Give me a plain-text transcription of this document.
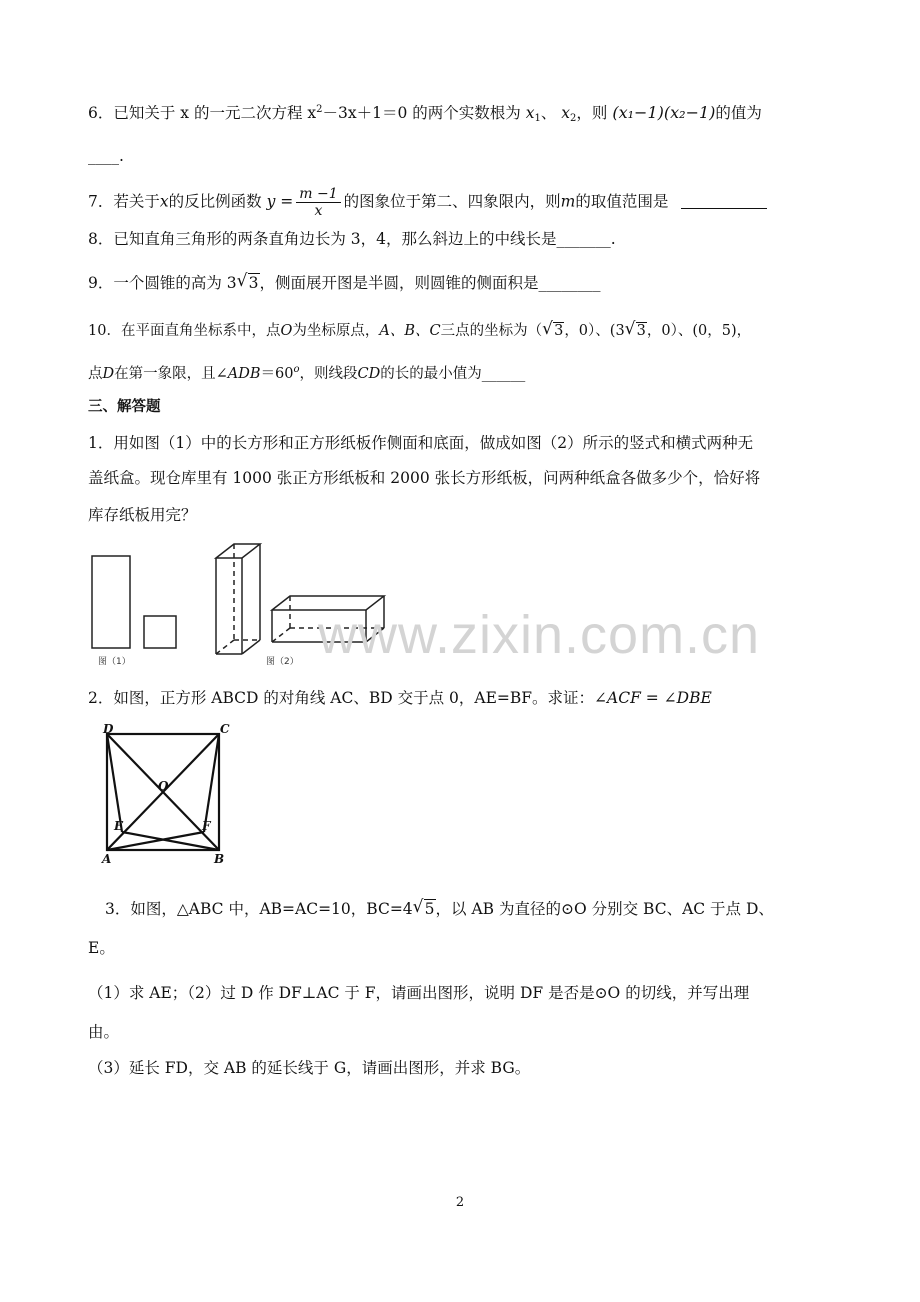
6．已知关于 x 的一元二次方程 $x^2-3x+1=0$ 的两个实数根为 $x_1$、 $x_2$，则 (x₁−1)(x₂−1)的值为
____.
7．若关于x的反比例函数 $y = \frac{m -1}{x}$ 的图象位于第二、四象限内，则m的取值范围是
8．已知直角三角形的两条直角边长为 3，4，那么斜边上的中线长是_______.
9．一个圆锥的高为 3 √ 3，侧面展开图是半圆，则圆锥的侧面积是________
10．在平面直角坐标系中，点O为坐标原点，A、B、C三点的坐标为（ √ 3，0）、(3 √ 3，0）、(0，5)，
点D在第一象限，且$\angle ADB=60^o$，则线段CD的长的最小值为______
三、解答题
1．用如图（1）中的长方形和正方形纸板作侧面和底面，做成如图（2）所示的竖式和横式两种无
盖纸盒。现仓库里有 1000 张正方形纸板和 2000 张长方形纸板，问两种纸盒各做多少个，恰好将
库存纸板用完？
图（1）	图（2） www.zixin.com.cn
2．如图，正方形 ABCD 的对角线 AC、BD 交于点 0，AE=BF。求证：∠ACF = ∠DBE
D	C
O
E	F
A	B
3．如图，△ABC 中，AB=AC=10，BC=4 √ 5，以 AB 为直径的⊙O 分别交 BC、AC 于点 D、
E。
（1）求 AE；（2）过 D 作 DF⊥AC 于 F，请画出图形，说明 DF 是否是⊙O 的切线，并写出理
由。
（3）延长 FD，交 AB 的延长线于 G，请画出图形，并求 BG。
2
